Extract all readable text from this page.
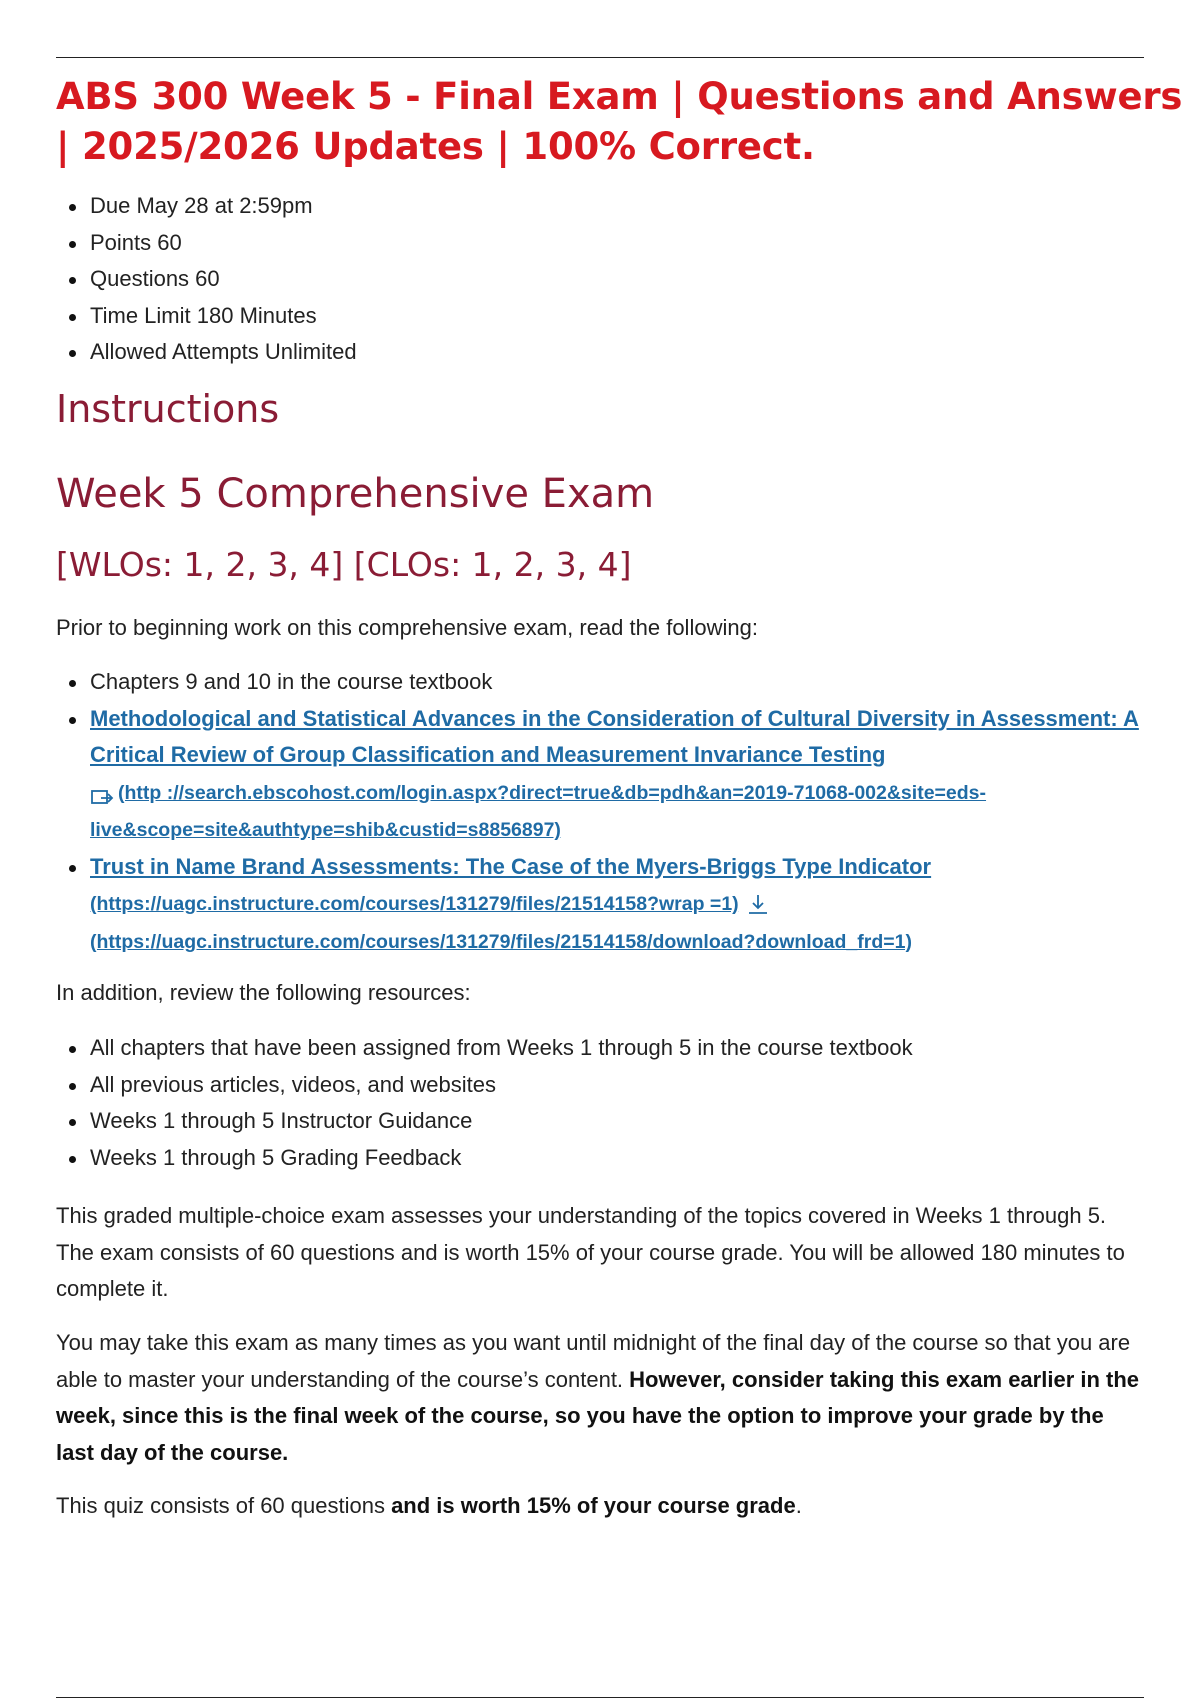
ABS 300 Week 5 - Final Exam | Questions and Answers | 2025/2026 Updates | 100% Correct.
Due May 28 at 2:59pm
Points 60
Questions 60
Time Limit 180 Minutes
Allowed Attempts Unlimited
Instructions
Week 5 Comprehensive Exam
[WLOs: 1, 2, 3, 4] [CLOs: 1, 2, 3, 4]

Prior to beginning work on this comprehensive exam, read the following:

Chapters 9 and 10 in the course textbook
Methodological and Statistical Advances in the Consideration of Cultural Diversity in Assessment: A Critical Review of Group Classification and Measurement Invariance Testing
(http ://search.ebscohost.com/login.aspx?direct=true&db=pdh&an=2019-71068-002&site=eds-live&scope=site&authtype=shib&custid=s8856897)
Trust in Name Brand Assessments: The Case of the Myers-Briggs Type Indicator
(https://uagc.instructure.com/courses/131279/files/21514158?wrap =1)
(https://uagc.instructure.com/courses/131279/files/21514158/download?download_frd=1)

In addition, review the following resources:

All chapters that have been assigned from Weeks 1 through 5 in the course textbook
All previous articles, videos, and websites
Weeks 1 through 5 Instructor Guidance
Weeks 1 through 5 Grading Feedback

This graded multiple-choice exam assesses your understanding of the topics covered in Weeks 1 through 5. The exam consists of 60 questions and is worth 15% of your course grade. You will be allowed 180 minutes to complete it.

You may take this exam as many times as you want until midnight of the final day of the course so that you are able to master your understanding of the course’s content. However, consider taking this exam earlier in the week, since this is the final week of the course, so you have the option to improve your grade by the last day of the course.

This quiz consists of 60 questions and is worth 15% of your course grade.
